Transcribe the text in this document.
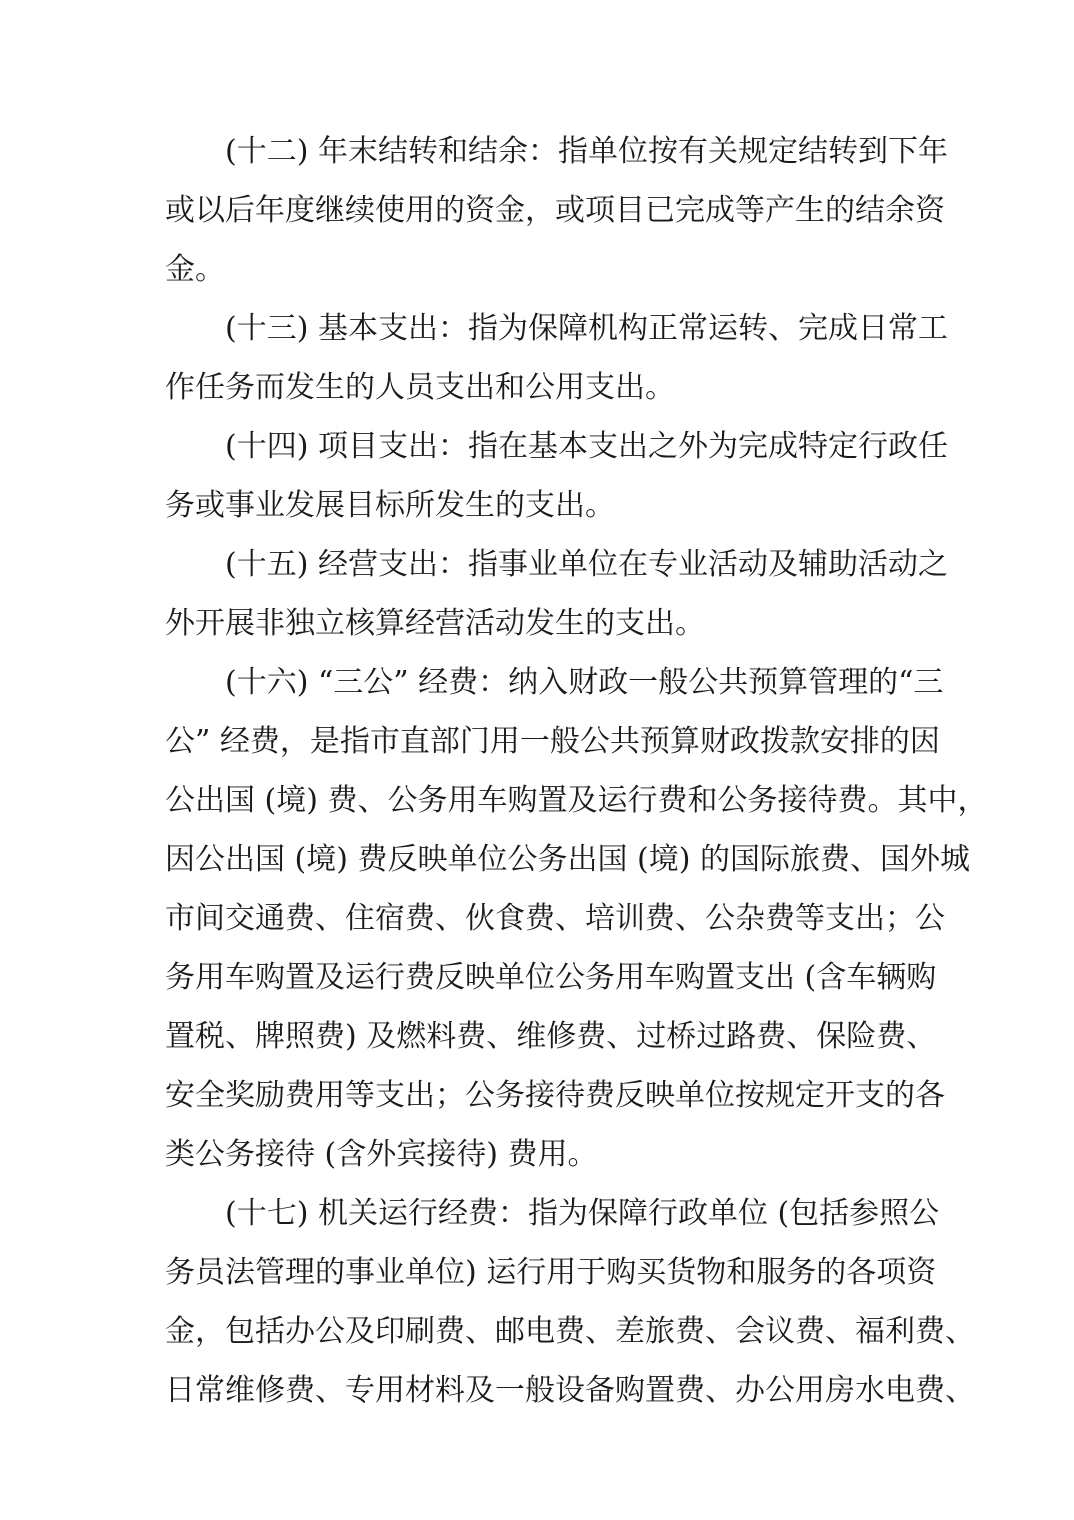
　　(十二) 年末结转和结余：指单位按有关规定结转到下年
或以后年度继续使用的资金，或项目已完成等产生的结余资
金。
　　(十三) 基本支出：指为保障机构正常运转、完成日常工
作任务而发生的人员支出和公用支出。
　　(十四) 项目支出：指在基本支出之外为完成特定行政任
务或事业发展目标所发生的支出。
　　(十五) 经营支出：指事业单位在专业活动及辅助活动之
外开展非独立核算经营活动发生的支出。
　　(十六) “三公” 经费：纳入财政一般公共预算管理的“三
公” 经费，是指市直部门用一般公共预算财政拨款安排的因
公出国 (境) 费、公务用车购置及运行费和公务接待费。其中，
因公出国 (境) 费反映单位公务出国 (境) 的国际旅费、国外城
市间交通费、住宿费、伙食费、培训费、公杂费等支出；公
务用车购置及运行费反映单位公务用车购置支出 (含车辆购
置税、牌照费) 及燃料费、维修费、过桥过路费、保险费、
安全奖励费用等支出；公务接待费反映单位按规定开支的各
类公务接待 (含外宾接待) 费用。
　　(十七) 机关运行经费：指为保障行政单位 (包括参照公
务员法管理的事业单位) 运行用于购买货物和服务的各项资
金，包括办公及印刷费、邮电费、差旅费、会议费、福利费、
日常维修费、专用材料及一般设备购置费、办公用房水电费、
